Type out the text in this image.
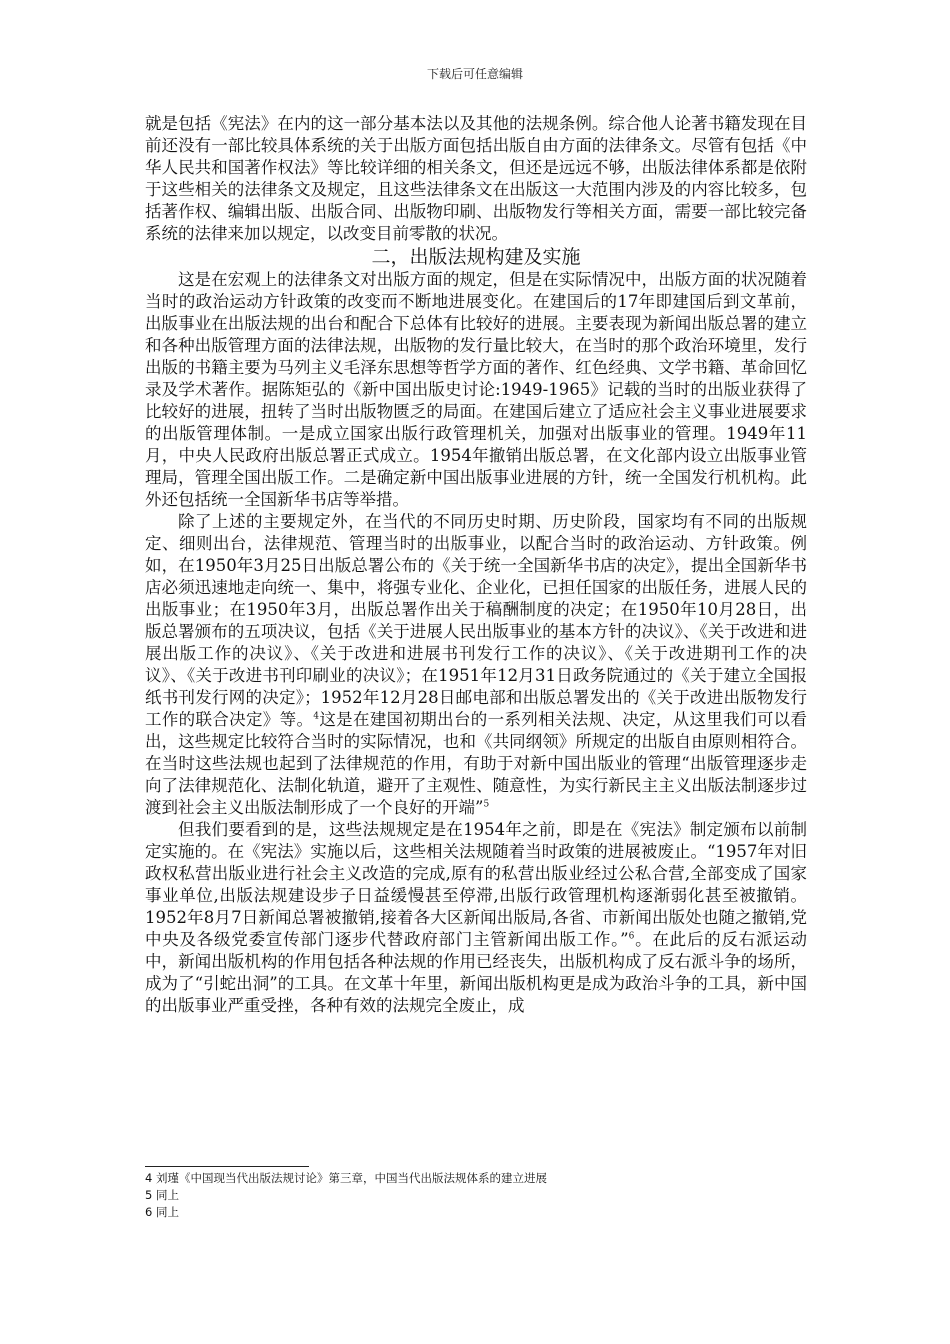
下载后可任意编辑

就是包括《宪法》在内的这一部分基本法以及其他的法规条例。综合他人论著书籍发现在目前还没有一部比较具体系统的关于出版方面包括出版自由方面的法律条文。尽管有包括《中华人民共和国著作权法》等比较详细的相关条文，但还是远远不够，出版法律体系都是依附于这些相关的法律条文及规定，且这些法律条文在出版这一大范围内涉及的内容比较多，包括著作权、编辑出版、出版合同、出版物印刷、出版物发行等相关方面，需要一部比较完备系统的法律来加以规定，以改变目前零散的状况。

二，出版法规构建及实施

这是在宏观上的法律条文对出版方面的规定，但是在实际情况中，出版方面的状况随着当时的政治运动方针政策的改变而不断地进展变化。在建国后的17年即建国后到文革前，出版事业在出版法规的出台和配合下总体有比较好的进展。主要表现为新闻出版总署的建立和各种出版管理方面的法律法规，出版物的发行量比较大，在当时的那个政治环境里，发行出版的书籍主要为马列主义毛泽东思想等哲学方面的著作、红色经典、文学书籍、革命回忆录及学术著作。据陈矩弘的《新中国出版史讨论:1949-1965》记载的当时的出版业获得了比较好的进展，扭转了当时出版物匮乏的局面。在建国后建立了适应社会主义事业进展要求的出版管理体制。一是成立国家出版行政管理机关，加强对出版事业的管理。1949年11月，中央人民政府出版总署正式成立。1954年撤销出版总署，在文化部内设立出版事业管理局，管理全国出版工作。二是确定新中国出版事业进展的方针，统一全国发行机机构。此外还包括统一全国新华书店等举措。

除了上述的主要规定外，在当代的不同历史时期、历史阶段，国家均有不同的出版规定、细则出台，法律规范、管理当时的出版事业，以配合当时的政治运动、方针政策。例如，在1950年3月25日出版总署公布的《关于统一全国新华书店的决定》，提出全国新华书店必须迅速地走向统一、集中，将强专业化、企业化，已担任国家的出版任务，进展人民的出版事业；在1950年3月，出版总署作出关于稿酬制度的决定；在1950年10月28日，出版总署颁布的五项决议，包括《关于进展人民出版事业的基本方针的决议》、《关于改进和进展出版工作的决议》、《关于改进和进展书刊发行工作的决议》、《关于改进期刊工作的决议》、《关于改进书刊印刷业的决议》；在1951年12月31日政务院通过的《关于建立全国报纸书刊发行网的决定》；1952年12月28日邮电部和出版总署发出的《关于改进出版物发行工作的联合决定》等。$^4$这是在建国初期出台的一系列相关法规、决定，从这里我们可以看出，这些规定比较符合当时的实际情况，也和《共同纲领》所规定的出版自由原则相符合。在当时这些法规也起到了法律规范的作用，有助于对新中国出版业的管理“出版管理逐步走向了法律规范化、法制化轨道，避开了主观性、随意性，为实行新民主主义出版法制逐步过渡到社会主义出版法制形成了一个良好的开端”$^5$

但我们要看到的是，这些法规规定是在1954年之前，即是在《宪法》制定颁布以前制定实施的。在《宪法》实施以后，这些相关法规随着当时政策的进展被废止。“1957年对旧政权私营出版业进行社会主义改造的完成,原有的私营出版业经过公私合营,全部变成了国家事业单位,出版法规建设步子日益缓慢甚至停滞,出版行政管理机构逐渐弱化甚至被撤销。1952年8月7日新闻总署被撤销,接着各大区新闻出版局,各省、市新闻出版处也随之撤销,党中央及各级党委宣传部门逐步代替政府部门主管新闻出版工作。”$^6$。在此后的反右派运动中，新闻出版机构的作用包括各种法规的作用已经丧失，出版机构成了反右派斗争的场所，成为了“引蛇出洞”的工具。在文革十年里，新闻出版机构更是成为政治斗争的工具，新中国的出版事业严重受挫，各种有效的法规完全废止，成

4 刘瑾《中国现当代出版法规讨论》第三章，中国当代出版法规体系的建立进展
5 同上
6 同上
